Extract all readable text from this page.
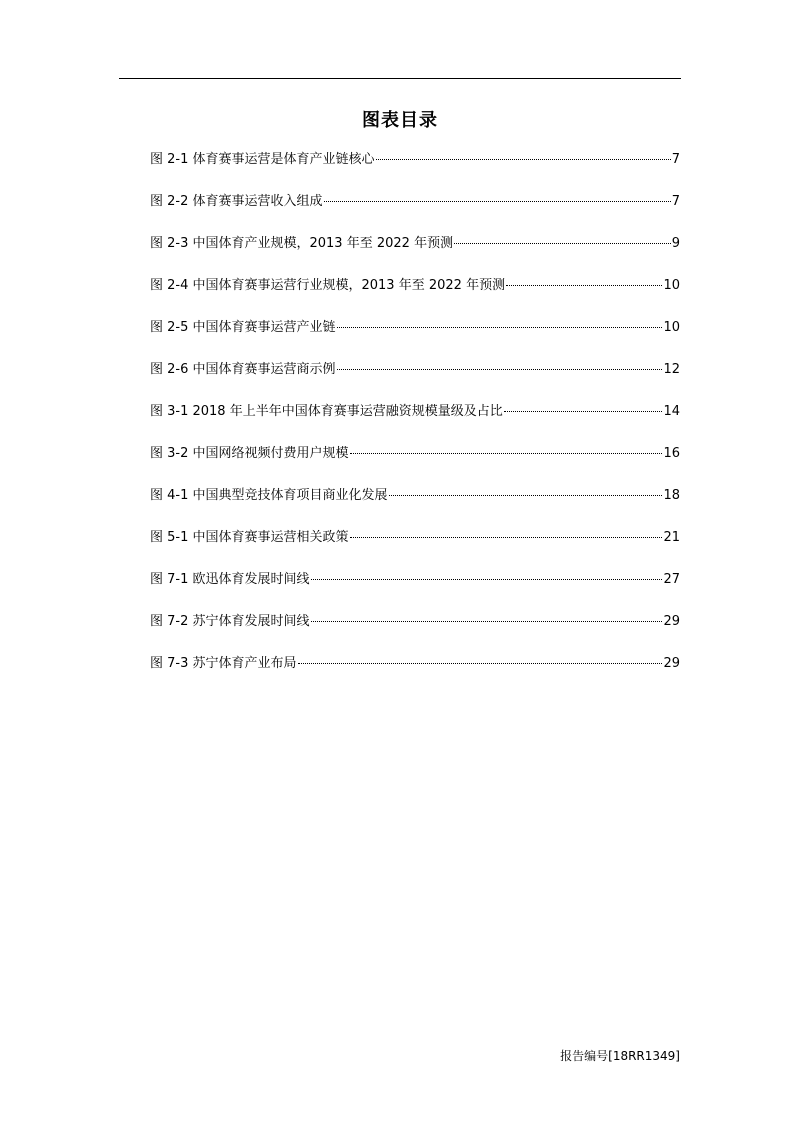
图表目录
图 2-1 体育赛事运营是体育产业链核心	7
图 2-2 体育赛事运营收入组成	7
图 2-3 中国体育产业规模，2013 年至 2022 年预测	9
图 2-4 中国体育赛事运营行业规模，2013 年至 2022 年预测	10
图 2-5 中国体育赛事运营产业链	10
图 2-6 中国体育赛事运营商示例	12
图 3-1 2018 年上半年中国体育赛事运营融资规模量级及占比	14
图 3-2 中国网络视频付费用户规模	16
图 4-1 中国典型竞技体育项目商业化发展	18
图 5-1 中国体育赛事运营相关政策	21
图 7-1 欧迅体育发展时间线	27
图 7-2 苏宁体育发展时间线	29
图 7-3 苏宁体育产业布局	29
报告编号[18RR1349]
